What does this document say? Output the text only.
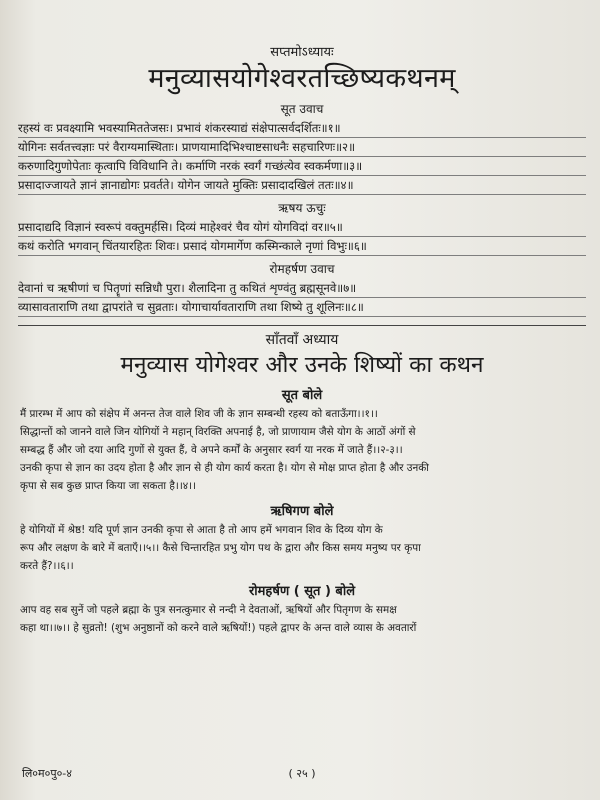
सप्तमोऽध्यायः
मनुव्यासयोगेश्वरतच्छिष्यकथनम्
सूत उवाच
रहस्यं वः प्रवक्ष्यामि भवस्यामिततेजसः। प्रभावं शंकरस्याद्यं संक्षेपात्सर्वदर्शितः॥१॥
योगिनः सर्वतत्त्वज्ञाः परं वैराग्यमास्थिताः। प्राणयामादिभिश्चाष्टसाधनैः सहचारिणः॥२॥
करुणादिगुणोपेताः कृत्वापि विविधानि ते। कर्माणि नरकं स्वर्गं गच्छंत्येव स्वकर्मणा॥३॥
प्रसादाज्जायते ज्ञानं ज्ञानाद्योगः प्रवर्तते। योगेन जायते मुक्तिः प्रसादादखिलं ततः॥४॥
ऋषय ऊचुः
प्रसादाद्यदि विज्ञानं स्वरूपं वक्तुमर्हसि। दिव्यं माहेश्वरं चैव योगं योगविदां वर॥५॥
कथं करोति भगवान् चिंतयारहितः शिवः। प्रसादं योगमार्गेण कस्मिन्काले नृणां विभुः॥६॥
रोमहर्षण उवाच
देवानां च ऋषीणां च पितॄणां सन्निधौ पुरा। शैलादिना तु कथितं शृण्वंतु ब्रह्मसूनवे॥७॥
व्यासावताराणि तथा द्वापरांते च सुव्रताः। योगाचार्यावताराणि तथा शिष्ये तु शूलिनः॥८॥
साँतवाँ अध्याय
मनुव्यास योगेश्वर और उनके शिष्यों का कथन
सूत बोले
मैं प्रारम्भ में आप को संक्षेप में अनन्त तेज वाले शिव जी के ज्ञान सम्बन्धी रहस्य को बताऊँगा।।१।।
सिद्धान्तों को जानने वाले जिन योगियों ने महान् विरक्ति अपनाई है, जो प्राणायाम जैसे योग के आठों अंगों से
सम्बद्ध हैं और जो दया आदि गुणों से युक्त हैं, वे अपने कर्मों के अनुसार स्वर्ग या नरक में जाते हैं।।२-३।।
उनकी कृपा से ज्ञान का उदय होता है और ज्ञान से ही योग कार्य करता है। योग से मोक्ष प्राप्त होता है और उनकी
कृपा से सब कुछ प्राप्त किया जा सकता है।।४।।
ऋषिगण बोले
हे योगियों में श्रेष्ठ! यदि पूर्ण ज्ञान उनकी कृपा से आता है तो आप हमें भगवान शिव के दिव्य योग के
रूप और लक्षण के बारे में बताएँ।।५।। कैसे चिन्तारहित प्रभु योग पथ के द्वारा और किस समय मनुष्य पर कृपा
करते हैं?।।६।।
रोमहर्षण ( सूत ) बोले
आप वह सब सुनें जो पहले ब्रह्मा के पुत्र सनत्कुमार से नन्दी ने देवताओं, ऋषियों और पितृगण के समक्ष
कहा था।।७।। हे सुव्रतो! (शुभ अनुष्ठानों को करने वाले ऋषियों!) पहले द्वापर के अन्त वाले व्यास के अवतारों
लि०म०पु०-४	( २५ )
